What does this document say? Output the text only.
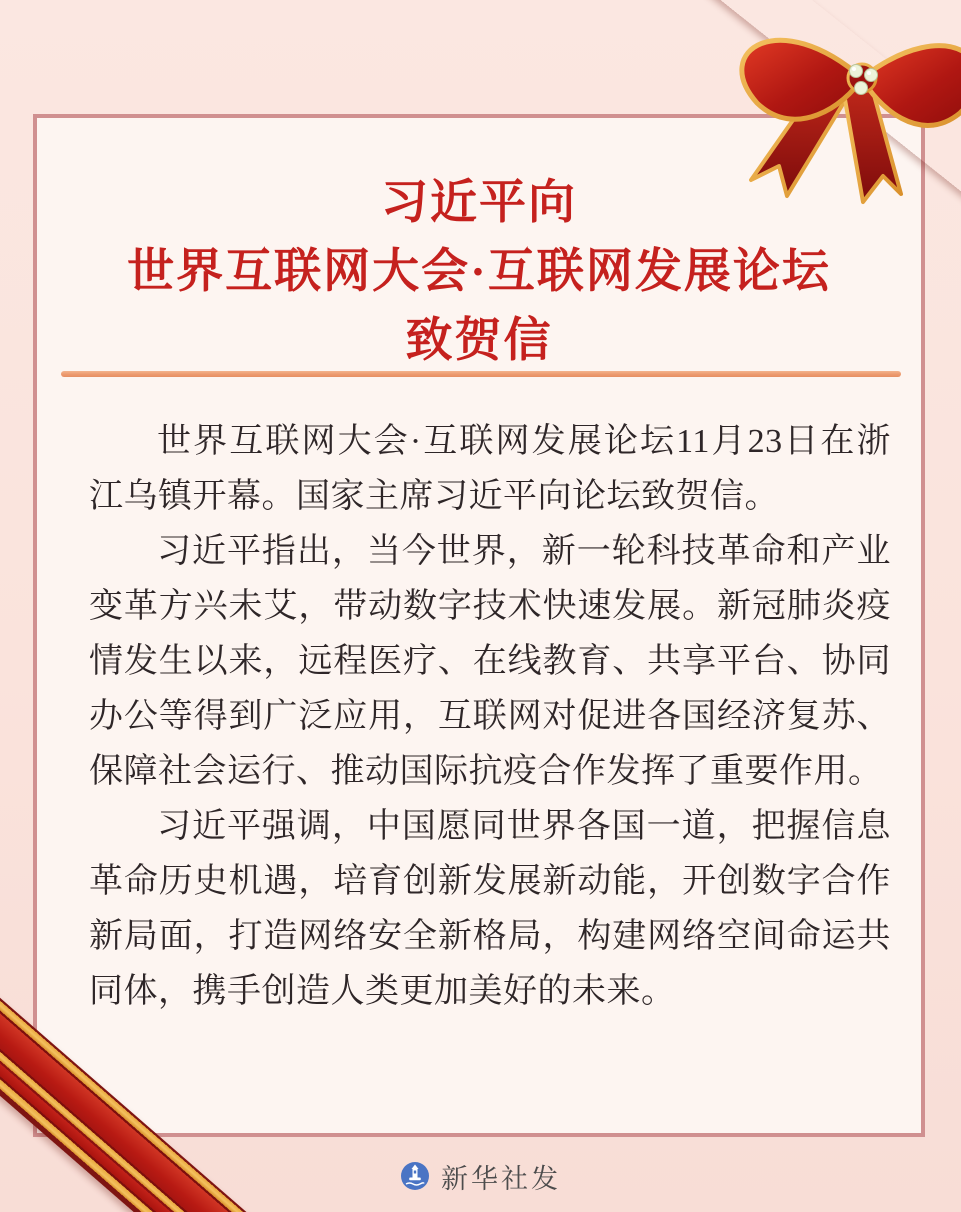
习近平向
世界互联网大会·互联网发展论坛
致贺信

世界互联网大会·互联网发展论坛11月23日在浙江乌镇开幕。国家主席习近平向论坛致贺信。

习近平指出，当今世界，新一轮科技革命和产业变革方兴未艾，带动数字技术快速发展。新冠肺炎疫情发生以来，远程医疗、在线教育、共享平台、协同办公等得到广泛应用，互联网对促进各国经济复苏、保障社会运行、推动国际抗疫合作发挥了重要作用。

习近平强调，中国愿同世界各国一道，把握信息革命历史机遇，培育创新发展新动能，开创数字合作新局面，打造网络安全新格局，构建网络空间命运共同体，携手创造人类更加美好的未来。

新华社发
